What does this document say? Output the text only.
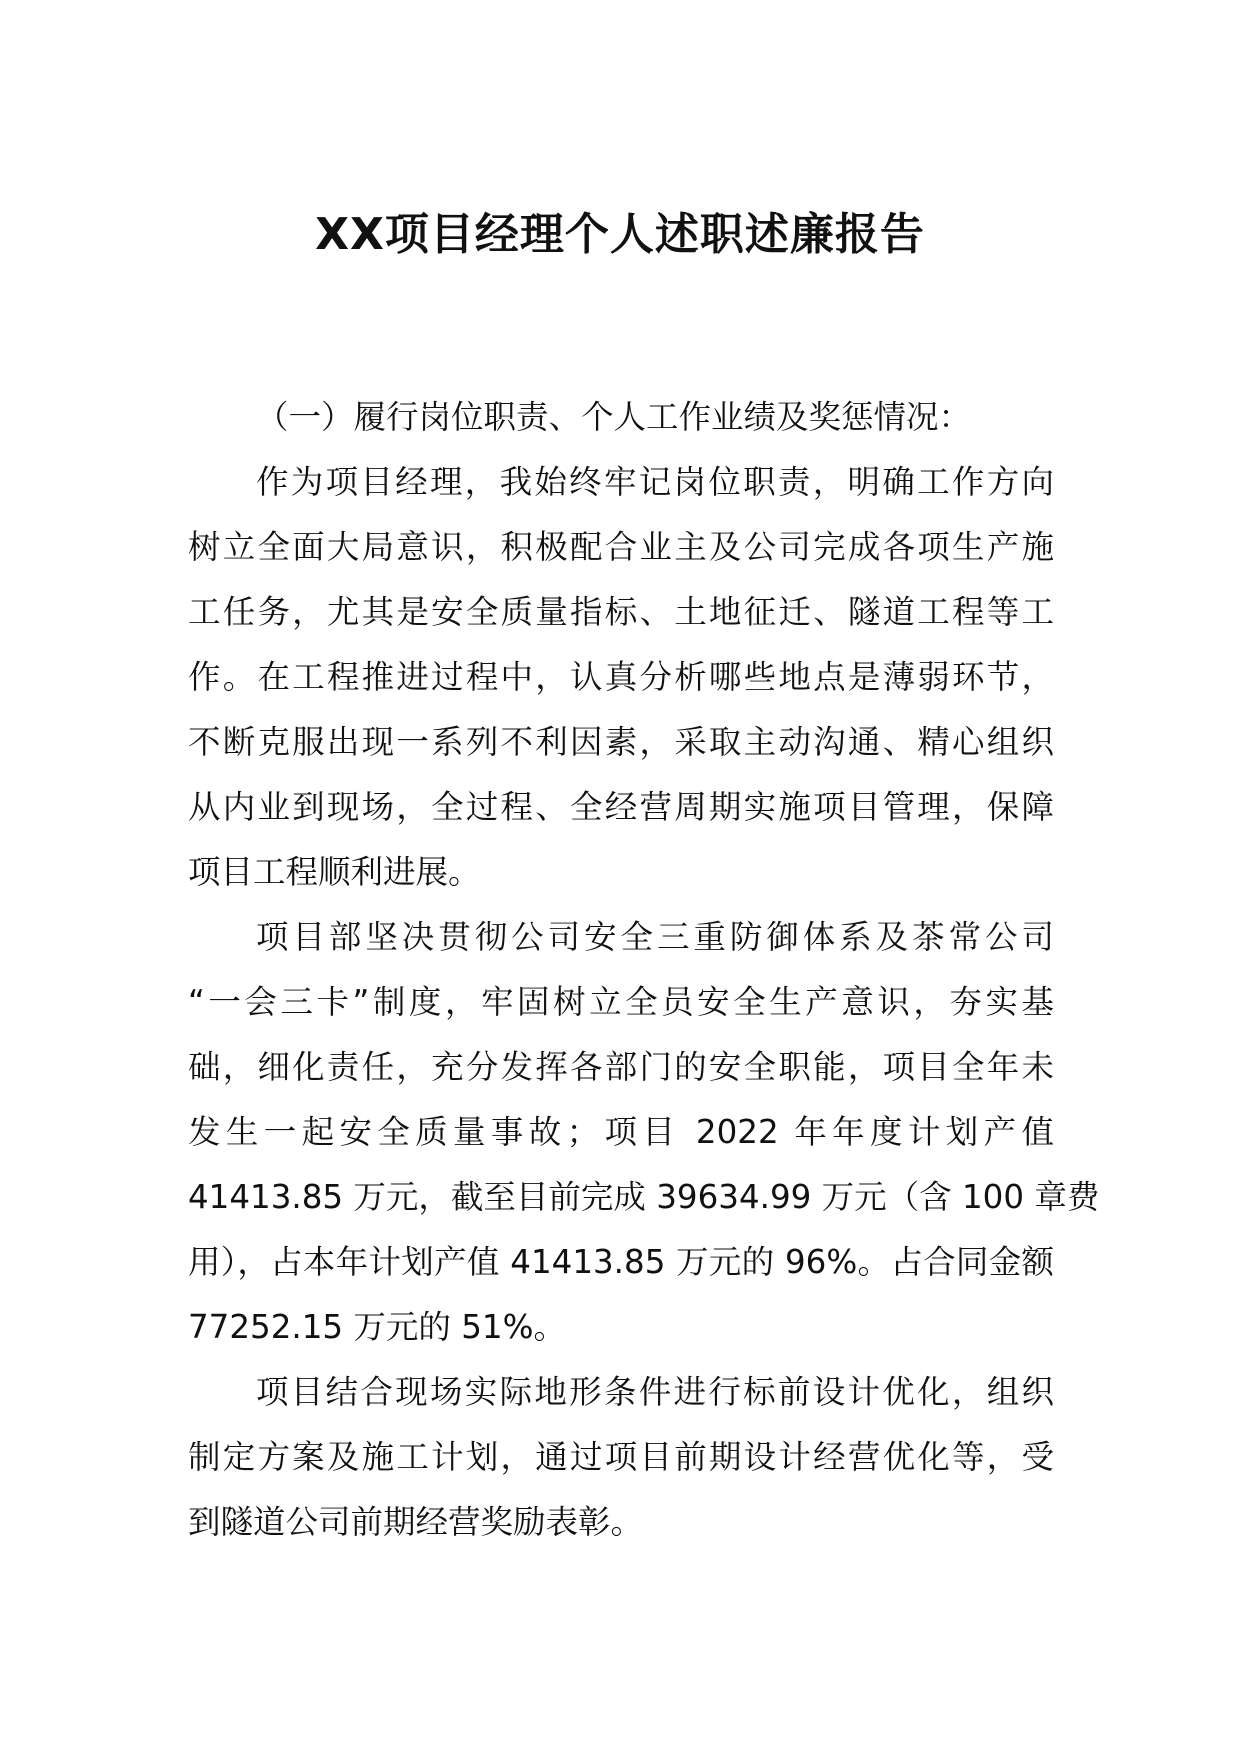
XX项目经理个人述职述廉报告
（一）履行岗位职责、个人工作业绩及奖惩情况：
作为项目经理，我始终牢记岗位职责，明确工作方向
树立全面大局意识，积极配合业主及公司完成各项生产施
工任务，尤其是安全质量指标、土地征迁、隧道工程等工
作。在工程推进过程中，认真分析哪些地点是薄弱环节，
不断克服出现一系列不利因素，采取主动沟通、精心组织
从内业到现场，全过程、全经营周期实施项目管理，保障
项目工程顺利进展。
项目部坚决贯彻公司安全三重防御体系及茶常公司
“一会三卡”制度，牢固树立全员安全生产意识，夯实基
础，细化责任，充分发挥各部门的安全职能，项目全年未
发生一起安全质量事故；项目 2022 年年度计划产值
41413.85 万元，截至目前完成 39634.99 万元（含 100 章费
用），占本年计划产值 41413.85 万元的 96%。占合同金额
77252.15 万元的 51%。
项目结合现场实际地形条件进行标前设计优化，组织
制定方案及施工计划，通过项目前期设计经营优化等，受
到隧道公司前期经营奖励表彰。
